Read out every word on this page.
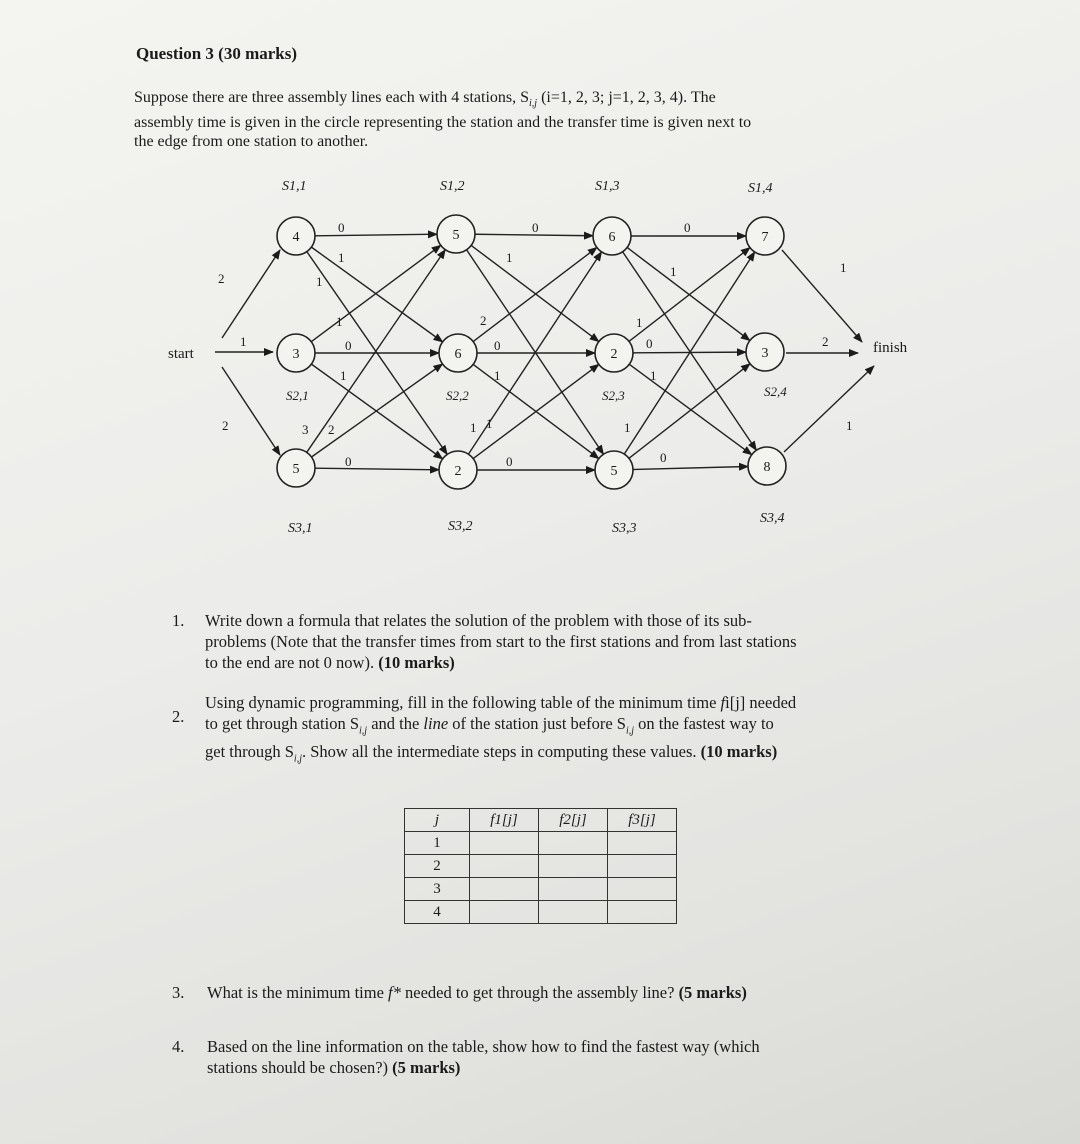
Question 3 (30 marks)
Suppose there are three assembly lines each with 4 stations, $S_{i,j}$ (i=1, 2, 3; j=1, 2, 3, 4). The
assembly time is given in the circle representing the station and the transfer time is given next to
the edge from one station to another.
4	5	6	7
3	6	2	3
5	2	5	8
2
1
2
1
2
1
0	0	0
0	0	0
0	0	0
1
1
1
1
2
1	1
1	1
3 2	1 1	1
1
start	finish
S1,1	S1,2	S1,3	S1,4
S2,1	S2,2	S2,3	S2,4
S3,1	S3,2	S3,3
S3,4
1. Write down a formula that relates the solution of the problem with those of its sub-
problems (Note that the transfer times from start to the first stations and from last stations
to the end are not 0 now). (10 marks)
2.
Using dynamic programming, fill in the following table of the minimum time fi[j] needed
to get through station $S_{i,j}$ and the line of the station just before $S_{i,j}$ on the fastest way to
get through $S_{i,j}$. Show all the intermediate steps in computing these values. (10 marks)
j	f1[j]	f2[j]	f3[j]
1			
2			
3			
4			
3. What is the minimum time f* needed to get through the assembly line? (5 marks)
4. Based on the line information on the table, show how to find the fastest way (which
stations should be chosen?) (5 marks)
